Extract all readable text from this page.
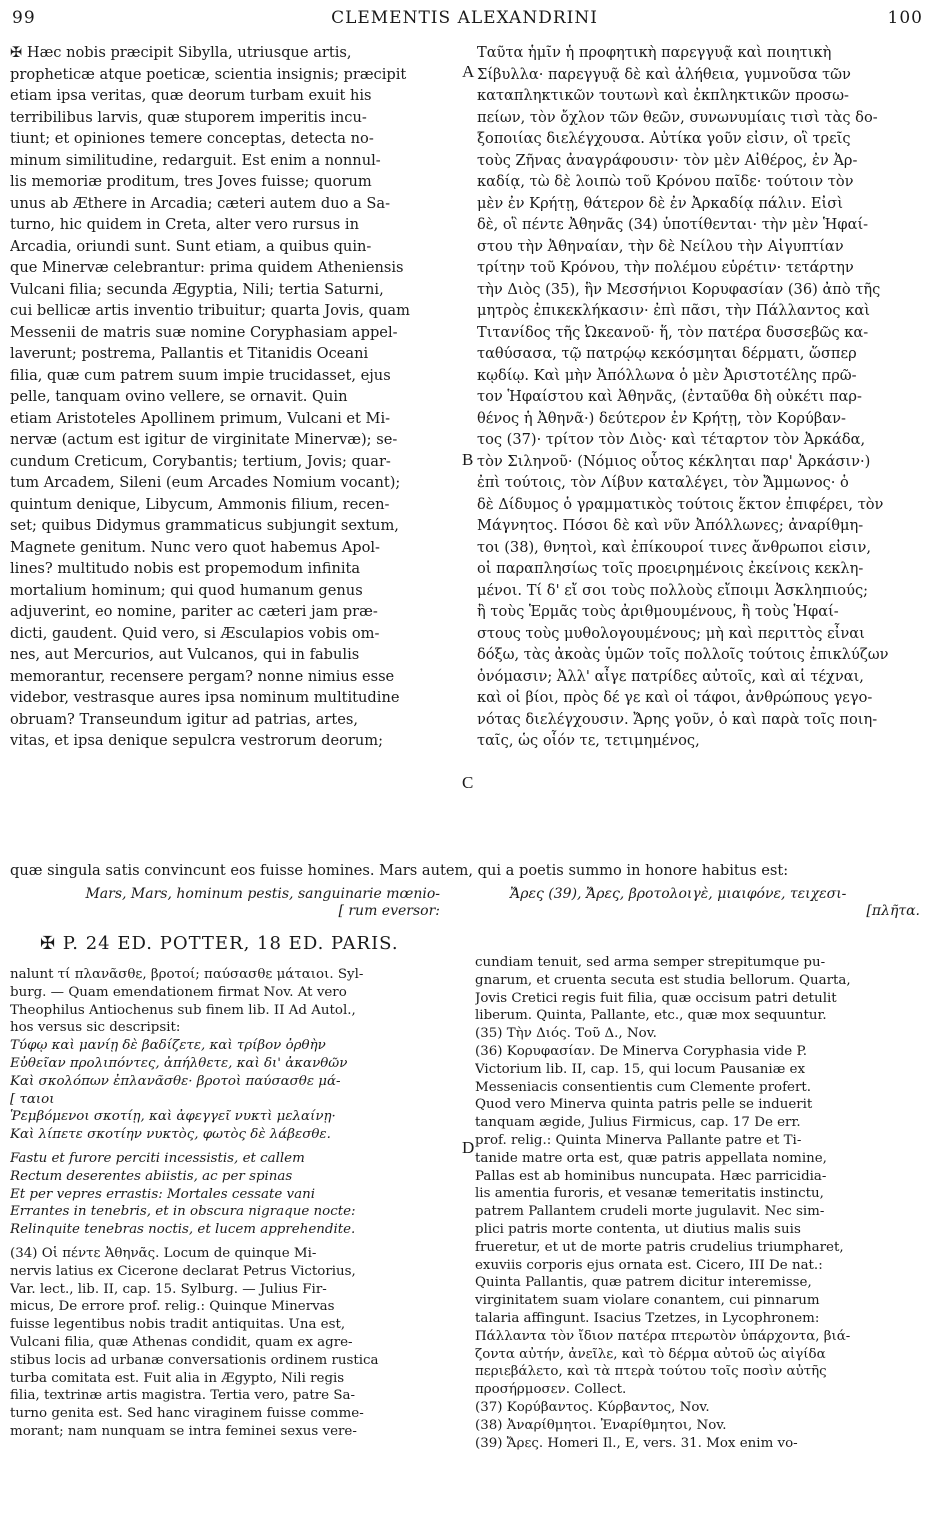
99	CLEMENTIS ALEXANDRINI	100

✠ Hæc nobis præcipit Sibylla, utriusque artis,

propheticæ atque poeticæ, scientia insignis; præcipit

etiam ipsa veritas, quæ deorum turbam exuit his

terribilibus larvis, quæ stuporem imperitis incu-

tiunt; et opiniones temere conceptas, detecta no-

minum similitudine, redarguit. Est enim a nonnul-

lis memoriæ proditum, tres Joves fuisse; quorum

unus ab Æthere in Arcadia; cæteri autem duo a Sa-

turno, hic quidem in Creta, alter vero rursus in

Arcadia, oriundi sunt. Sunt etiam, a quibus quin-

que Minervæ celebrantur: prima quidem Atheniensis

Vulcani filia; secunda Ægyptia, Nili; tertia Saturni,

cui bellicæ artis inventio tribuitur; quarta Jovis, quam

Messenii de matris suæ nomine Coryphasiam appel-

laverunt; postrema, Pallantis et Titanidis Oceani

filia, quæ cum patrem suum impie trucidasset, ejus

pelle, tanquam ovino vellere, se ornavit. Quin

etiam Aristoteles Apollinem primum, Vulcani et Mi-

nervæ (actum est igitur de virginitate Minervæ); se-

cundum Creticum, Corybantis; tertium, Jovis; quar-

tum Arcadem, Sileni (eum Arcades Nomium vocant);

quintum denique, Libycum, Ammonis filium, recen-

set; quibus Didymus grammaticus subjungit sextum,

Magnete genitum. Nunc vero quot habemus Apol-

lines? multitudo nobis est propemodum infinita

mortalium hominum; qui quod humanum genus

adjuverint, eo nomine, pariter ac cæteri jam præ-

dicti, gaudent. Quid vero, si Æsculapios vobis om-

nes, aut Mercurios, aut Vulcanos, qui in fabulis

memorantur, recensere pergam? nonne nimius esse

videbor, vestrasque aures ipsa nominum multitudine

obruam? Transeundum igitur ad patrias, artes,

vitas, et ipsa denique sepulcra vestrorum deorum;

Ταῦτα ἡμῖν ἡ προφητικὴ παρεγγυᾷ καὶ ποιητικὴ

Σίβυλλα· παρεγγυᾷ δὲ καὶ ἀλήθεια, γυμνοῦσα τῶν

καταπληκτικῶν τουτωνὶ καὶ ἐκπληκτικῶν προσω-

πείων, τὸν ὄχλον τῶν θεῶν, συνωνυμίαις τισὶ τὰς δο-

ξοποιίας διελέγχουσα. Αὐτίκα γοῦν εἰσιν, οἳ τρεῖς

τοὺς Ζῆνας ἀναγράφουσιν· τὸν μὲν Αἰθέρος, ἐν Ἀρ-

καδίᾳ, τὼ δὲ λοιπὼ τοῦ Κρόνου παῖδε· τούτοιν τὸν

μὲν ἐν Κρήτῃ, θάτερον δὲ ἐν Ἀρκαδίᾳ πάλιν. Εἰσὶ

δὲ, οἳ πέντε Ἀθηνᾶς (34) ὑποτίθενται· τὴν μὲν Ἡφαί-

στου τὴν Ἀθηναίαν, τὴν δὲ Νείλου τὴν Αἰγυπτίαν

τρίτην τοῦ Κρόνου, τὴν πολέμου εὑρέτιν· τετάρτην

τὴν Διὸς (35), ἣν Μεσσήνιοι Κορυφασίαν (36) ἀπὸ τῆς

μητρὸς ἐπικεκλήκασιν· ἐπὶ πᾶσι, τὴν Πάλλαντος καὶ

Τιτανίδος τῆς Ὠκεανοῦ· ἥ, τὸν πατέρα δυσσεβῶς κα-

ταθύσασα, τῷ πατρῴῳ κεκόσμηται δέρματι, ὥσπερ

κῳδίῳ. Καὶ μὴν Ἀπόλλωνα ὁ μὲν Ἀριστοτέλης πρῶ-

τον Ἡφαίστου καὶ Ἀθηνᾶς, (ἐνταῦθα δὴ οὐκέτι παρ-

θένος ἡ Ἀθηνᾶ·) δεύτερον ἐν Κρήτῃ, τὸν Κορύβαν-

τος (37)· τρίτον τὸν Διὸς· καὶ τέταρτον τὸν Ἀρκάδα,

τὸν Σιληνοῦ· (Νόμιος οὗτος κέκληται παρ' Ἀρκάσιν·)

ἐπὶ τούτοις, τὸν Λίβυν καταλέγει, τὸν Ἄμμωνος· ὁ

δὲ Δίδυμος ὁ γραμματικὸς τούτοις ἕκτον ἐπιφέρει, τὸν

Μάγνητος. Πόσοι δὲ καὶ νῦν Ἀπόλλωνες; ἀναρίθμη-

τοι (38), θνητοὶ, καὶ ἐπίκουροί τινες ἄνθρωποι εἰσιν,

οἱ παραπλησίως τοῖς προειρημένοις ἐκείνοις κεκλη-

μένοι. Τί δ' εἴ σοι τοὺς πολλοὺς εἴποιμι Ἀσκληπιούς;

ἢ τοὺς Ἑρμᾶς τοὺς ἀριθμουμένους, ἢ τοὺς Ἡφαί-

στους τοὺς μυθολογουμένους; μὴ καὶ περιττὸς εἶναι

δόξω, τὰς ἀκοὰς ὑμῶν τοῖς πολλοῖς τούτοις ἐπικλύζων

ὀνόμασιν; Ἀλλ' αἶγε πατρίδες αὐτοῖς, καὶ αἱ τέχναι,

καὶ οἱ βίοι, πρὸς δέ γε καὶ οἱ τάφοι, ἀνθρώπους γεγο-

νότας διελέγχουσιν. Ἄρης γοῦν, ὁ καὶ παρὰ τοῖς ποιη-

ταῖς, ὡς οἷόν τε, τετιμημένος,

A
B
C
D
quæ singula satis convincunt eos fuisse homines. Mars autem, qui a poetis summo in honore habitus est:
Mars, Mars, hominum pestis, sanguinarie mœnio-
[ rum eversor:
Ἄρες (39), Ἄρες, βροτολοιγὲ, μιαιφόνε, τειχεσι-
[πλῆτα.
✠ P. 24 ED. POTTER, 18 ED. PARIS.

nalunt τί πλανᾶσθε, βροτοί; παύσασθε μάταιοι. Syl-

burg. — Quam emendationem firmat Nov. At vero

Theophilus Antiochenus sub finem lib. II Ad Autol.,

hos versus sic descripsit:

Τύφῳ καὶ μανίῃ δὲ βαδίζετε, καὶ τρίβον ὀρθὴν

Εὐθεῖαν προλιπόντες, ἀπήλθετε, καὶ δι' ἀκανθῶν

Καὶ σκολόπων ἐπλανᾶσθε· βροτοὶ παύσασθε μά-

[ ταιοι

Ῥεμβόμενοι σκοτίῃ, καὶ ἀφεγγεῖ νυκτὶ μελαίνῃ·

Καὶ λίπετε σκοτίην νυκτὸς, φωτὸς δὲ λάβεσθε.

Fastu et furore perciti incessistis, et callem

Rectum deserentes abiistis, ac per spinas

Et per vepres errastis: Mortales cessate vani

Errantes in tenebris, et in obscura nigraque nocte:

Relinquite tenebras noctis, et lucem apprehendite.

(34) Οἱ πέντε Ἀθηνᾶς. Locum de quinque Mi-

nervis latius ex Cicerone declarat Petrus Victorius,

Var. lect., lib. II, cap. 15. Sylburg. — Julius Fir-

micus, De errore prof. relig.: Quinque Minervas

fuisse legentibus nobis tradit antiquitas. Una est,

Vulcani filia, quæ Athenas condidit, quam ex agre-

stibus locis ad urbanæ conversationis ordinem rustica

turba comitata est. Fuit alia in Ægypto, Nili regis

filia, textrinæ artis magistra. Tertia vero, patre Sa-

turno genita est. Sed hanc viraginem fuisse comme-

morant; nam nunquam se intra feminei sexus vere-

cundiam tenuit, sed arma semper strepitumque pu-

gnarum, et cruenta secuta est studia bellorum. Quarta,

Jovis Cretici regis fuit filia, quæ occisum patri detulit

liberum. Quinta, Pallante, etc., quæ mox sequuntur.

(35) Τὴν Διός. Τοῦ Δ., Nov.

(36) Κορυφασίαν. De Minerva Coryphasia vide P.

Victorium lib. II, cap. 15, qui locum Pausaniæ ex

Messeniacis consentientis cum Clemente profert.

Quod vero Minerva quinta patris pelle se induerit

tanquam ægide, Julius Firmicus, cap. 17 De err.

prof. relig.: Quinta Minerva Pallante patre et Ti-

tanide matre orta est, quæ patris appellata nomine,

Pallas est ab hominibus nuncupata. Hæc parricidia-

lis amentia furoris, et vesanæ temeritatis instinctu,

patrem Pallantem crudeli morte jugulavit. Nec sim-

plici patris morte contenta, ut diutius malis suis

frueretur, et ut de morte patris crudelius triumpharet,

exuviis corporis ejus ornata est. Cicero, III De nat.:

Quinta Pallantis, quæ patrem dicitur interemisse,

virginitatem suam violare conantem, cui pinnarum

talaria affingunt. Isacius Tzetzes, in Lycophronem:

Πάλλαντα τὸν ἴδιον πατέρα πτερωτὸν ὑπάρχοντα, βιά-

ζοντα αὐτήν, ἀνεῖλε, καὶ τὸ δέρμα αὐτοῦ ὡς αἰγίδα

περιεβάλετο, καὶ τὰ πτερὰ τούτου τοῖς ποσὶν αὐτῆς

προσήρμοσεν. Collect.

(37) Κορύβαντος. Κύρβαντος, Nov.

(38) Ἀναρίθμητοι. Ἐναρίθμητοι, Nov.

(39) Ἄρες. Homeri Il., E, vers. 31. Mox enim vo-
